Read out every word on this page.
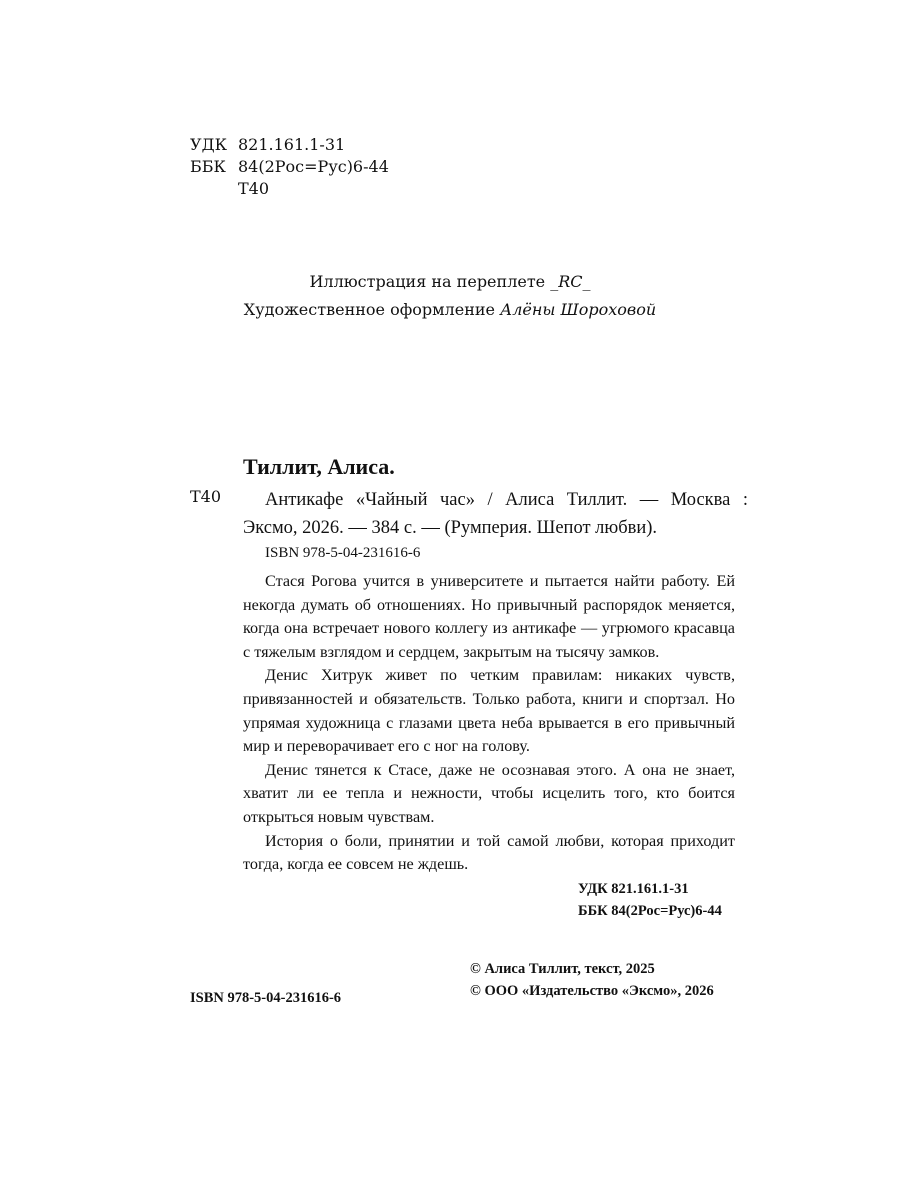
УДК 821.161.1-31
ББК 84(2Рос=Рус)6-44
Т40
Иллюстрация на переплете _RC_
Художественное оформление Алёны Шороховой
Тиллит, Алиса.
Т40 Антикафе «Чайный час» / Алиса Тиллит. — Москва :
Эксмо, 2026. — 384 с. — (Румперия. Шепот любви).
ISBN 978-5-04-231616-6

Стася Рогова учится в университете и пытается найти работу. Ей некогда думать об отношениях. Но привычный распорядок меняется, когда она встречает нового коллегу из антикафе — угрюмого красавца с тяжелым взглядом и сердцем, закрытым на тысячу замков.

Денис Хитрук живет по четким правилам: никаких чувств, привязанностей и обязательств. Только работа, книги и спортзал. Но упрямая художница с глазами цвета неба врывается в его привычный мир и переворачивает его с ног на голову.

Денис тянется к Стасе, даже не осознавая этого. А она не знает, хватит ли ее тепла и нежности, чтобы исцелить того, кто боится открыться новым чувствам.

История о боли, принятии и той самой любви, которая приходит тогда, когда ее совсем не ждешь.

УДК 821.161.1-31
ББК 84(2Рос=Рус)6-44
© Алиса Тиллит, текст, 2025
© ООО «Издательство «Эксмо», 2026
ISBN 978-5-04-231616-6
